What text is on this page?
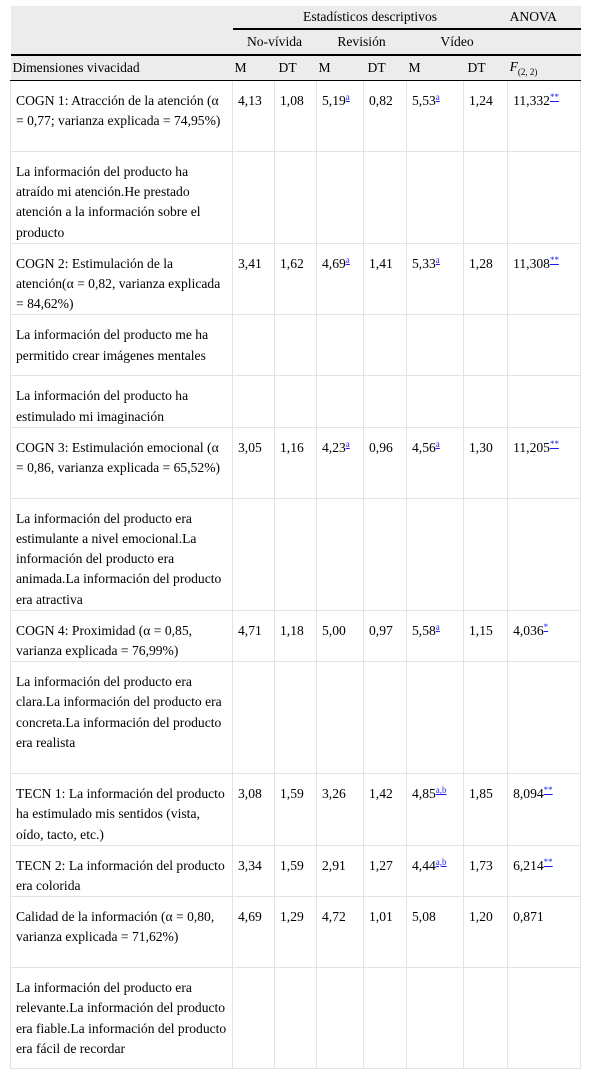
	Estadísticos descriptivos						ANOVA
	No-vívida		Revisión		Vídeo		
Dimensiones vivacidad	M	DT	M	DT	M	DT	$F_{(2, 2)}$
COGN 1: Atracción de la atención (α = 0,77; varianza explicada = 74,95%)	4,13	1,08	5,19$^a$	0,82	5,53$^a$	1,24	11,332**
La información del producto ha atraído mi atención.He prestado atención a la información sobre el producto							
COGN 2: Estimulación de la atención(α = 0,82, varianza explicada = 84,62%)	3,41	1,62	4,69$^a$	1,41	5,33$^a$	1,28	11,308**
La información del producto me ha permitido crear imágenes mentales							
La información del producto ha estimulado mi imaginación							
COGN 3: Estimulación emocional (α = 0,86, varianza explicada = 65,52%)	3,05	1,16	4,23$^a$	0,96	4,56$^a$	1,30	11,205**
La información del producto era estimulante a nivel emocional.La información del producto era animada.La información del producto era atractiva							
COGN 4: Proximidad (α = 0,85, varianza explicada = 76,99%)	4,71	1,18	5,00	0,97	5,58$^a$	1,15	4,036*
La información del producto era clara.La información del producto era concreta.La información del producto era realista							
TECN 1: La información del producto ha estimulado mis sentidos (vista, oído, tacto, etc.)	3,08	1,59	3,26	1,42	4,85$^{a,b}$	1,85	8,094**
TECN 2: La información del producto era colorida	3,34	1,59	2,91	1,27	4,44$^{a,b}$	1,73	6,214**
Calidad de la información (α = 0,80, varianza explicada = 71,62%)	4,69	1,29	4,72	1,01	5,08	1,20	0,871
La información del producto era relevante.La información del producto era fiable.La información del producto era fácil de recordar							
